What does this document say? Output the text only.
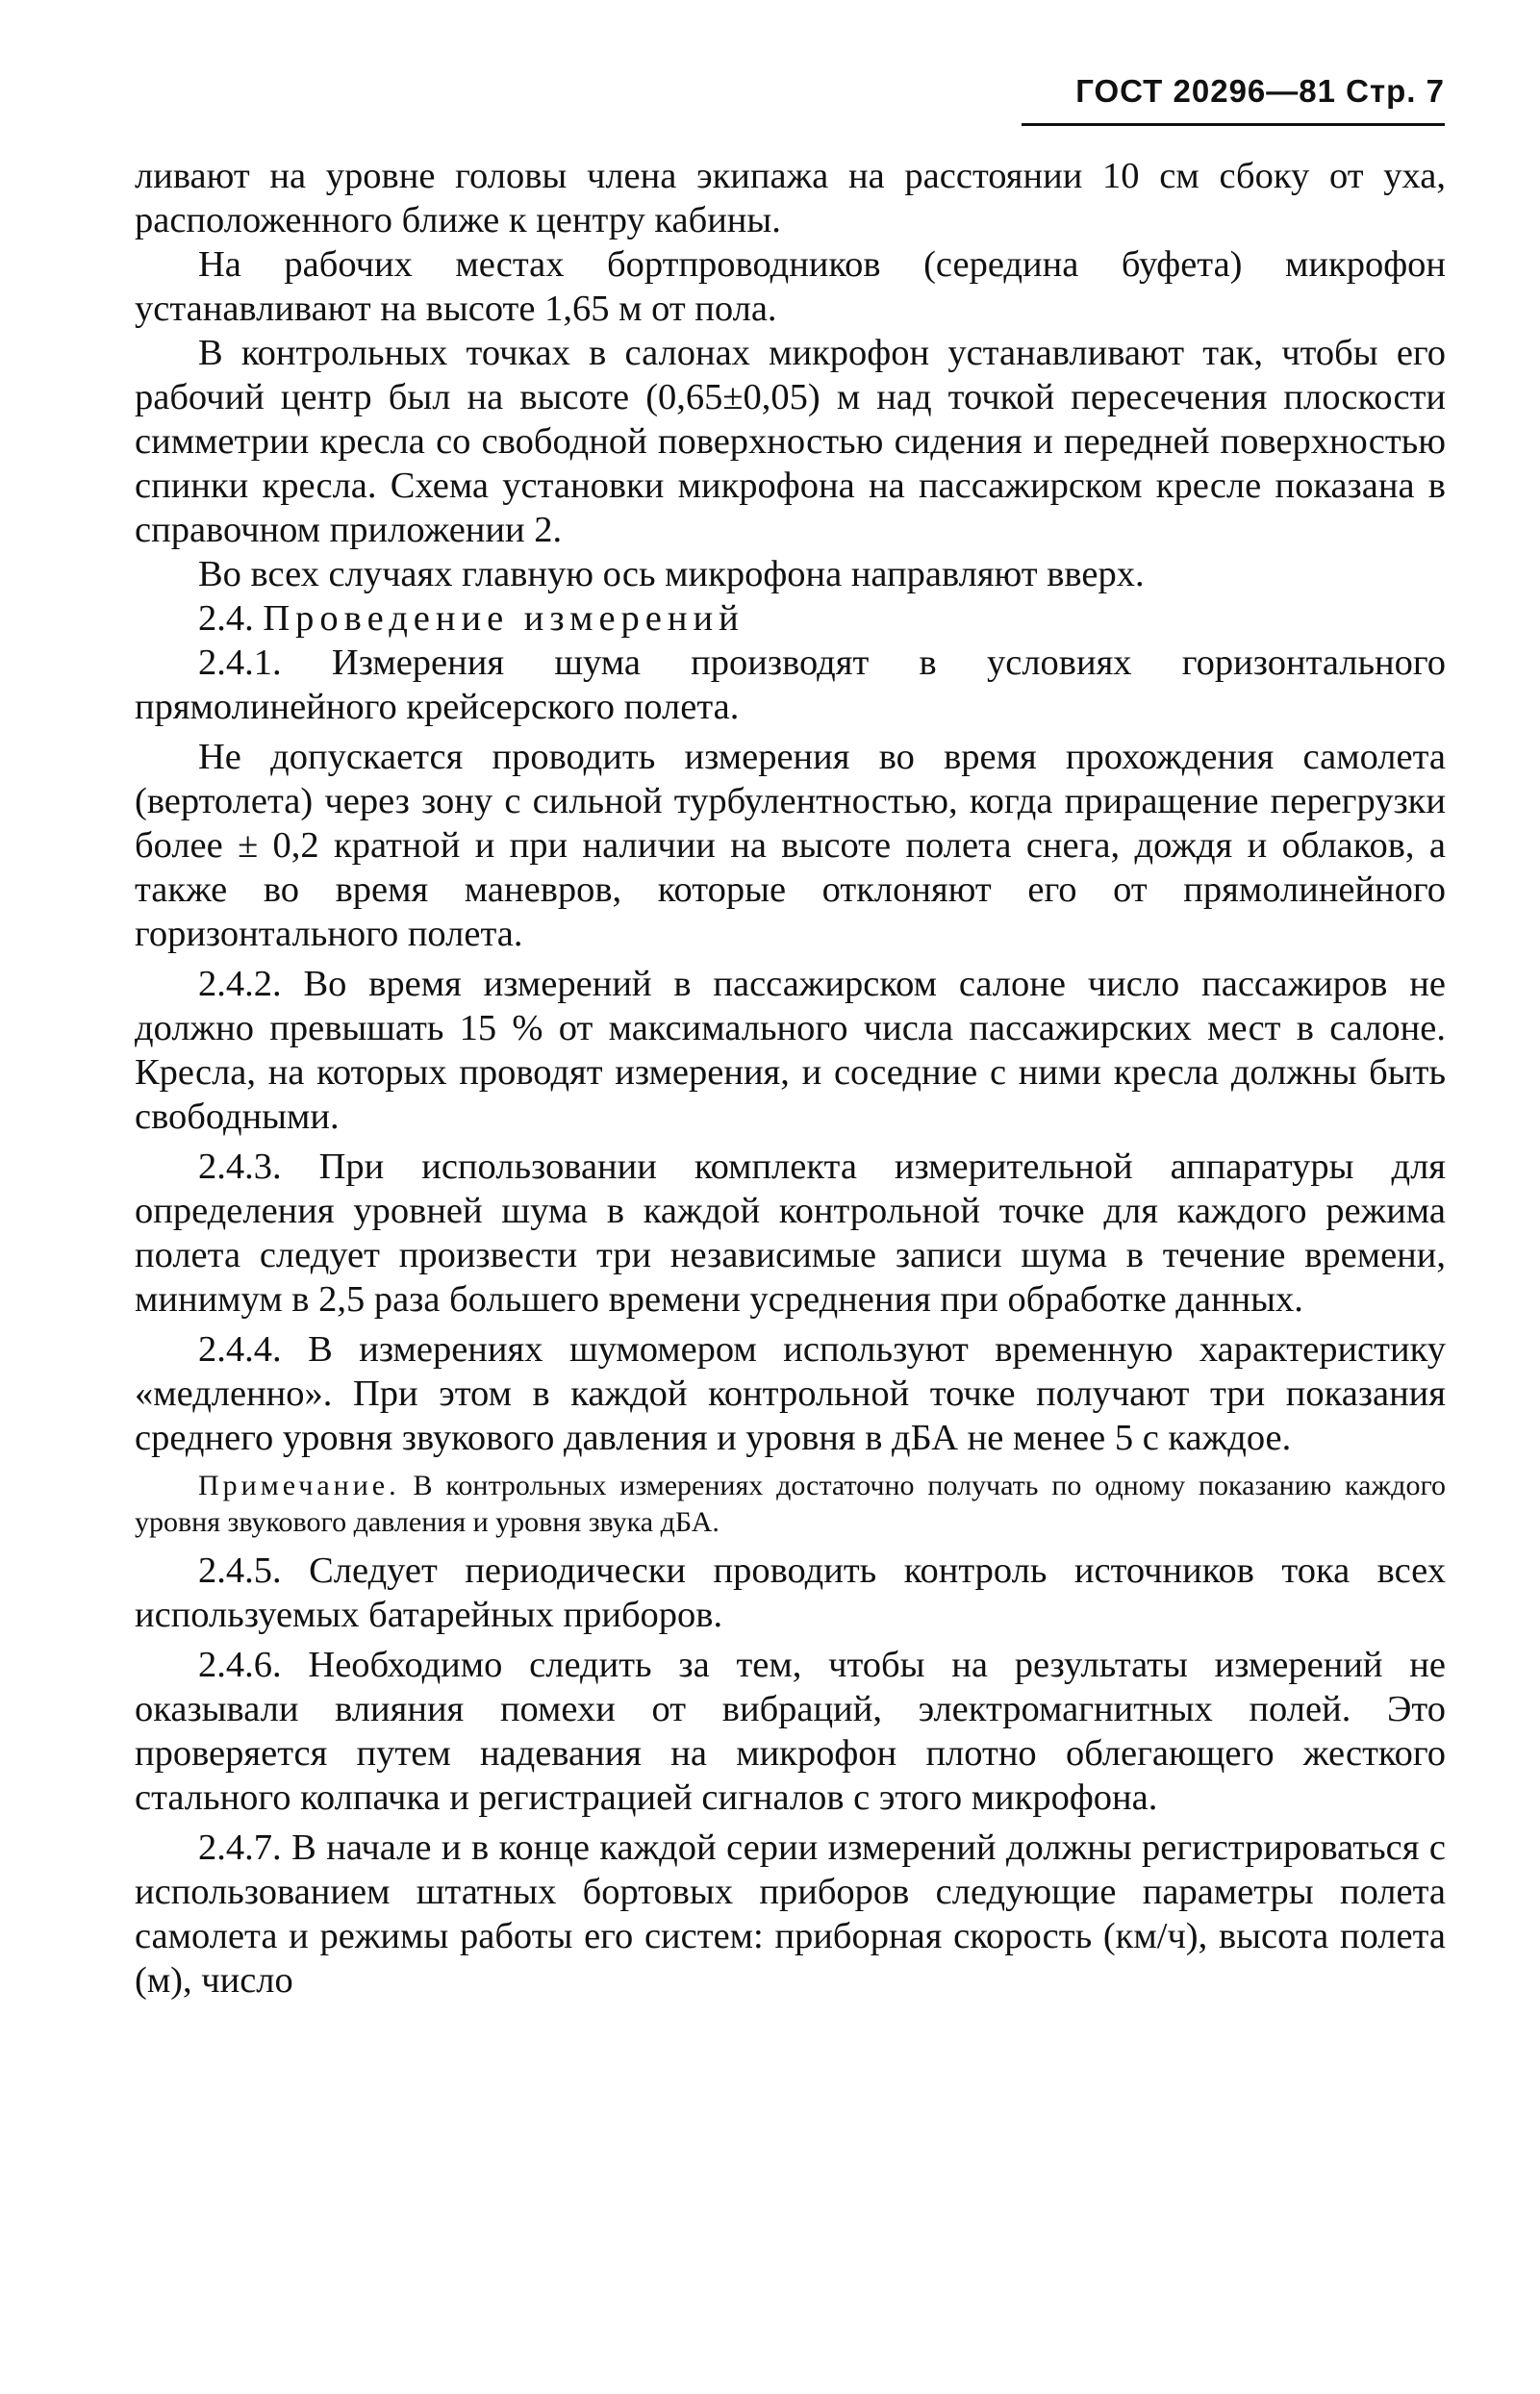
ГОСТ 20296—81 Стр. 7

ливают на уровне головы члена экипажа на расстоянии 10 см сбоку от уха, расположенного ближе к центру кабины.

На рабочих местах бортпроводников (середина буфета) микрофон устанавливают на высоте 1,65 м от пола.

В контрольных точках в салонах микрофон устанавливают так, чтобы его рабочий центр был на высоте (0,65±0,05) м над точкой пересечения плоскости симметрии кресла со свободной поверхностью сидения и передней поверхностью спинки кресла. Схема установки микрофона на пассажирском кресле показана в справочном приложении 2.

Во всех случаях главную ось микрофона направляют вверх.

2.4. Проведение измерений

2.4.1. Измерения шума производят в условиях горизонтального прямолинейного крейсерского полета.

Не допускается проводить измерения во время прохождения самолета (вертолета) через зону с сильной турбулентностью, когда приращение перегрузки более ± 0,2 кратной и при наличии на высоте полета снега, дождя и облаков, а также во время маневров, которые отклоняют его от прямолинейного горизонтального полета.

2.4.2. Во время измерений в пассажирском салоне число пассажиров не должно превышать 15 % от максимального числа пассажирских мест в салоне. Кресла, на которых проводят измерения, и соседние с ними кресла должны быть свободными.

2.4.3. При использовании комплекта измерительной аппаратуры для определения уровней шума в каждой контрольной точке для каждого режима полета следует произвести три независимые записи шума в течение времени, минимум в 2,5 раза большего времени усреднения при обработке данных.

2.4.4. В измерениях шумомером используют временную характеристику «медленно». При этом в каждой контрольной точке получают три показания среднего уровня звукового давления и уровня в дБА не менее 5 с каждое.

Примечание. В контрольных измерениях достаточно получать по одному показанию каждого уровня звукового давления и уровня звука дБА.

2.4.5. Следует периодически проводить контроль источников тока всех используемых батарейных приборов.

2.4.6. Необходимо следить за тем, чтобы на результаты измерений не оказывали влияния помехи от вибраций, электромагнитных полей. Это проверяется путем надевания на микрофон плотно облегающего жесткого стального колпачка и регистрацией сигналов с этого микрофона.

2.4.7. В начале и в конце каждой серии измерений должны регистрироваться с использованием штатных бортовых приборов следующие параметры полета самолета и режимы работы его систем: приборная скорость (км/ч), высота полета (м), число
